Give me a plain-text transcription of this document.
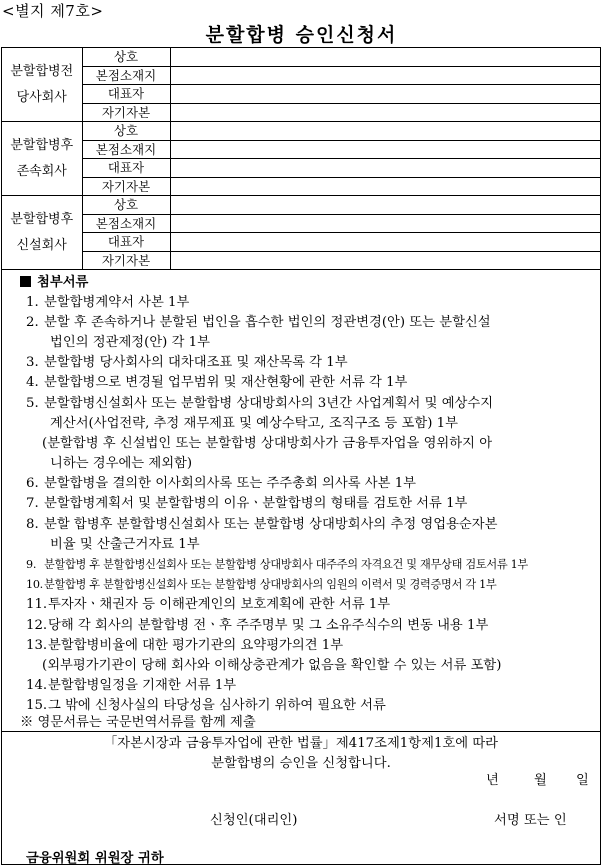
<별지 제7호>
분할합병 승인신청서
분할합병전
당사회사	상호	
	본점소재지	
	대표자	
	자기자본	

분할합병후
존속회사	상호	
	본점소재지	
	대표자	
	자기자본	

분할합병후
신설회사	상호	
	본점소재지	
	대표자	
	자기자본	
첨부서류
1. 분할합병계약서 사본 1부
2. 분할 후 존속하거나 분할된 법인을 흡수한 법인의 정관변경(안) 또는 분할신설
법인의 정관제정(안) 각 1부
3. 분할합병 당사회사의 대차대조표 및 재산목록 각 1부
4. 분할합병으로 변경될 업무범위 및 재산현황에 관한 서류 각 1부
5. 분할합병신설회사 또는 분할합병 상대방회사의 3년간 사업계획서 및 예상수지
계산서(사업전략, 추정 재무제표 및 예상수탁고, 조직구조 등 포함) 1부
(분할합병 후 신설법인 또는 분할합병 상대방회사가 금융투자업을 영위하지 아
니하는 경우에는 제외함)
6. 분할합병을 결의한 이사회의사록 또는 주주총회 의사록 사본 1부
7. 분할합병계획서 및 분할합병의 이유ㆍ분할합병의 형태를 검토한 서류 1부
8. 분할 합병후 분할합병신설회사 또는 분할합병 상대방회사의 추정 영업용순자본
비율 및 산출근거자료 1부
9. 분할합병 후 분할합병신설회사 또는 분할합병 상대방회사 대주주의 자격요건 및 재무상태 검토서류 1부
10.분할합병 후 분할합병신설회사 또는 분할합병 상대방회사의 임원의 이력서 및 경력증명서 각 1부
11.투자자ㆍ채권자 등 이해관계인의 보호계획에 관한 서류 1부
12.당해 각 회사의 분할합병 전ㆍ후 주주명부 및 그 소유주식수의 변동 내용 1부
13.분할합병비율에 대한 평가기관의 요약평가의견 1부
(외부평가기관이 당해 회사와 이해상충관계가 없음을 확인할 수 있는 서류 포함)
14.분할합병일정을 기재한 서류 1부
15.그 밖에 신청사실의 타당성을 심사하기 위하여 필요한 서류
※ 영문서류는 국문번역서류를 함께 제출
「자본시장과 금융투자업에 관한 법률」제417조제1항제1호에 따라
분할합병의 승인을 신청합니다.
년	월 일
신청인(대리인)	서명 또는 인
금융위원회 위원장 귀하
